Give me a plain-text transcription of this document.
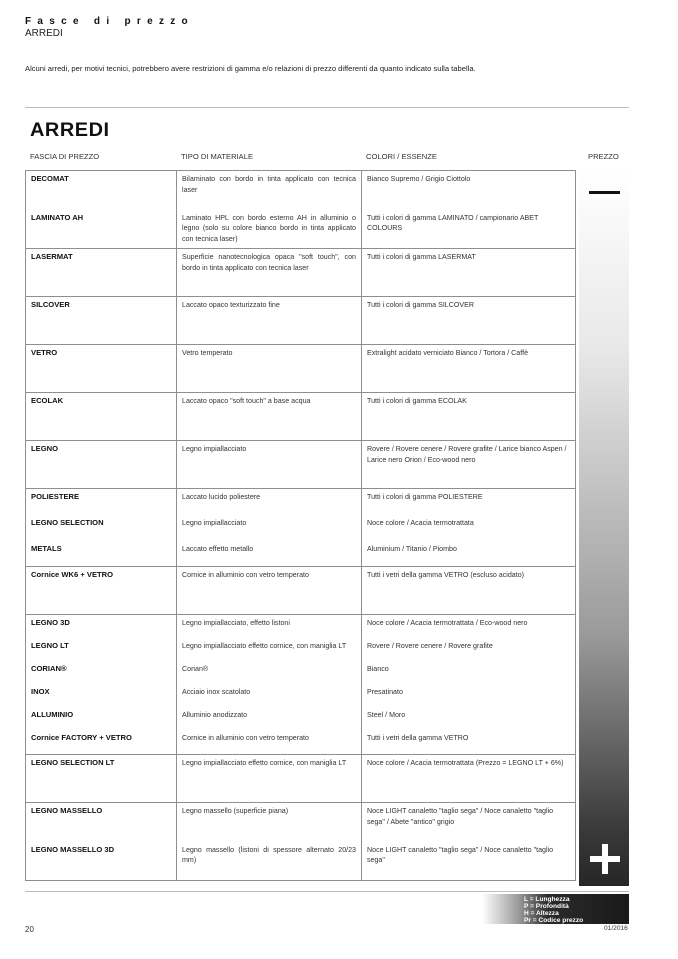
Fasce di prezzo
ARREDI
Alcuni arredi, per motivi tecnici, potrebbero avere restrizioni di gamma e/o relazioni di prezzo differenti da quanto indicato sulla tabella.
ARREDI
FASCIA DI PREZZO	TIPO DI MATERIALE	COLORI / ESSENZE	PREZZO
DECOMAT	Bilaminato con bordo in tinta applicato con tecnica laser	Bianco Supremo / Grigio Ciottolo
LAMINATO AH	Laminato HPL con bordo esterno AH in alluminio o legno (solo su colore bianco bordo in tinta applicato con tecnica laser)	Tutti i colori di gamma LAMINATO / campionario ABET COLOURS
LASERMAT	Superficie nanotecnologica opaca "soft touch", con bordo in tinta applicato con tecnica laser	Tutti i colori di gamma LASERMAT
SILCOVER	Laccato opaco texturizzato fine	Tutti i colori di gamma SILCOVER
VETRO	Vetro temperato	Extralight acidato verniciato Bianco / Tortora / Caffè
ECOLAK	Laccato opaco "soft touch" a base acqua	Tutti i colori di gamma ECOLAK
LEGNO	Legno impiallacciato	Rovere / Rovere cenere / Rovere grafite / Larice bianco Aspen / Larice nero Orion / Eco-wood nero
POLIESTERE	Laccato lucido poliestere	Tutti i colori di gamma POLIESTERE
LEGNO SELECTION	Legno impiallacciato	Noce colore / Acacia termotrattata
METALS	Laccato effetto metallo	Aluminium / Titanio / Piombo
Cornice WK6 + VETRO	Cornice in alluminio con vetro temperato	Tutti i vetri della gamma VETRO (escluso acidato)
LEGNO 3D	Legno impiallacciato, effetto listoni	Noce colore / Acacia termotrattata / Eco-wood nero
LEGNO LT	Legno impiallacciato effetto cornice, con maniglia LT	Rovere / Rovere cenere / Rovere grafite
CORIAN®	Corian®	Bianco
INOX	Acciaio inox scatolato	Presatinato
ALLUMINIO	Alluminio anodizzato	Steel / Moro
Cornice FACTORY + VETRO	Cornice in alluminio con vetro temperato	Tutti i vetri della gamma VETRO
LEGNO SELECTION LT	Legno impiallacciato effetto cornice, con maniglia LT	Noce colore / Acacia termotrattata (Prezzo = LEGNO LT + 6%)
LEGNO MASSELLO	Legno massello (superficie piana)	Noce LIGHT canaletto "taglio sega" / Noce canaletto "taglio sega" / Abete "antico" grigio
LEGNO MASSELLO 3D	Legno massello (listoni di spessore alternato 20/23 mm)	Noce LIGHT canaletto "taglio sega" / Noce canaletto "taglio sega"
L = Lunghezza
P = Profondità
H = Altezza
Pr = Codice prezzo
20	01/2016
